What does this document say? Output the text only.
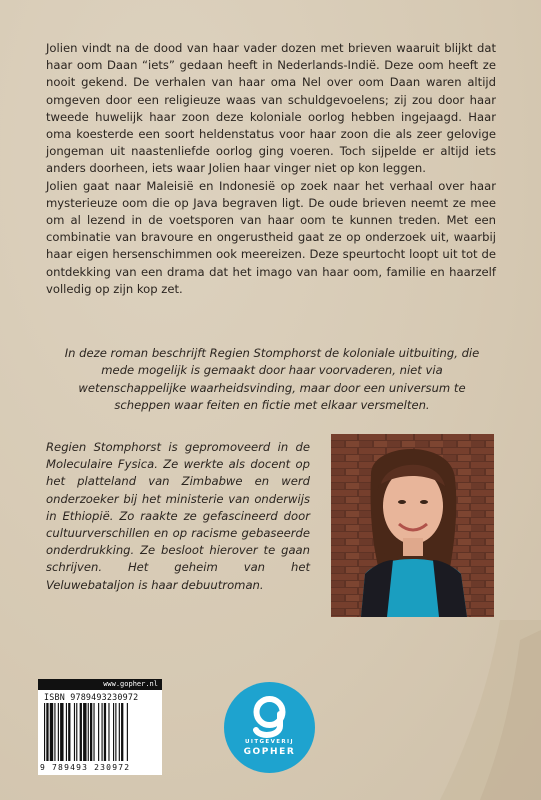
Jolien vindt na de dood van haar vader dozen met brieven waaruit blijkt dat haar oom Daan “iets” gedaan heeft in Nederlands-Indië. Deze oom heeft ze nooit gekend. De verhalen van haar oma Nel over oom Daan waren altijd omgeven door een religieuze waas van schuldgevoelens; zij zou door haar tweede huwelijk haar zoon deze koloniale oorlog hebben ingejaagd. Haar oma koesterde een soort heldenstatus voor haar zoon die als zeer gelovige jongeman uit naastenliefde oorlog ging voeren. Toch sijpelde er altijd iets anders doorheen, iets waar Jolien haar vinger niet op kon leggen.

Jolien gaat naar Maleisië en Indonesië op zoek naar het verhaal over haar mysterieuze oom die op Java begraven ligt. De oude brieven neemt ze mee om al lezend in de voetsporen van haar oom te kunnen treden. Met een combinatie van bravoure en ongerustheid gaat ze op onderzoek uit, waarbij haar eigen hersenschimmen ook meereizen. Deze speurtocht loopt uit tot de ontdekking van een drama dat het imago van haar oom, familie en haarzelf volledig op zijn kop zet.

In deze roman beschrijft Regien Stomphorst de koloniale uitbuiting, die mede mogelijk is gemaakt door haar voorvaderen, niet via wetenschappelijke waarheidsvinding, maar door een universum te scheppen waar feiten en fictie met elkaar versmelten.

Regien Stomphorst is gepromoveerd in de Moleculaire Fysica. Ze werkte als docent op het platteland van Zimbabwe en werd onderzoeker bij het ministerie van onderwijs in Ethiopië. Zo raakte ze gefascineerd door cultuurverschillen en op racisme gebaseerde onderdrukking. Ze besloot hierover te gaan schrijven. Het geheim van het Veluwebataljon is haar debuutroman.

www.gopher.nl
ISBN 9789493230972
9 789493 230972
UITGEVERIJ
GOPHER
